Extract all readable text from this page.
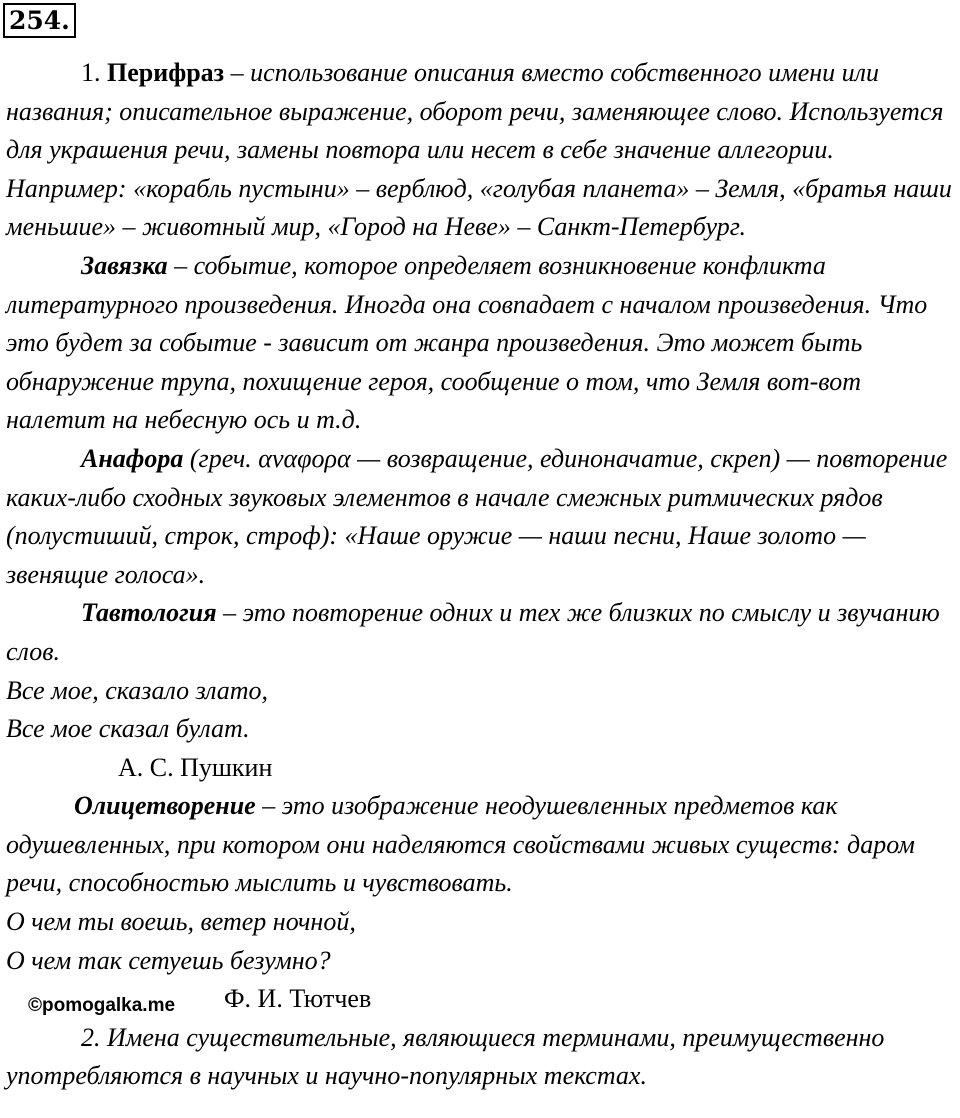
254.

1. Перифраз – использование описания вместо собственного имени или названия; описательное выражение, оборот речи, заменяющее слово. Используется для украшения речи, замены повтора или несет в себе значение аллегории. Например: «корабль пустыни» – верблюд, «голубая планета» – Земля, «братья наши меньшие» – животный мир, «Город на Неве» – Санкт-Петербург.

Завязка – событие, которое определяет возникновение конфликта литературного произведения. Иногда она совпадает с началом произведения. Что это будет за событие - зависит от жанра произведения. Это может быть обнаружение трупа, похищение героя, сообщение о том, что Земля вот-вот налетит на небесную ось и т.д.

Анафора (греч. αναφορα — возвращение, единоначатие, скреп) — повторение каких-либо сходных звуковых элементов в начале смежных ритмических рядов (полустиший, строк, строф): «Наше оружие — наши песни, Наше золото — звенящие голоса».

Тавтология – это повторение одних и тех же близких по смыслу и звучанию слов.

Все мое, сказало злато,

Все мое сказал булат.

А. С. Пушкин

Олицетворение – это изображение неодушевленных предметов как одушевленных, при котором они наделяются свойствами живых существ: даром речи, способностью мыслить и чувствовать.

О чем ты воешь, ветер ночной,

О чем так сетуешь безумно?

Ф. И. Тютчев

2. Имена существительные, являющиеся терминами, преимущественно употребляются в научных и научно-популярных текстах.

©pomogalka.me
